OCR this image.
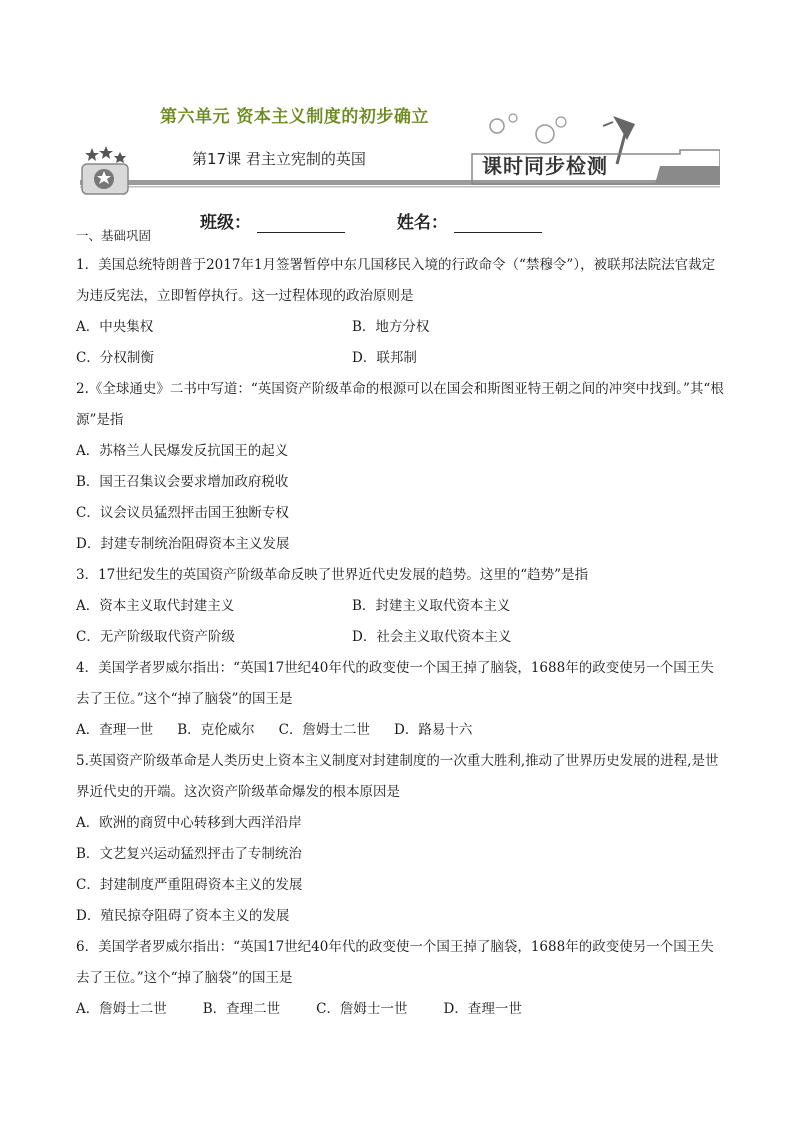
第六单元 资本主义制度的初步确立
第17课 君主立宪制的英国	课时同步检测
班级：	姓名：
一、基础巩固

1．美国总统特朗普于2017年1月签署暂停中东几国移民入境的行政命令（“禁穆令”），被联邦法院法官裁定为违反宪法，立即暂停执行。这一过程体现的政治原则是

A．中央集权	B．地方分权
C．分权制衡	D．联邦制

2.《全球通史》二书中写道：“英国资产阶级革命的根源可以在国会和斯图亚特王朝之间的冲突中找到。”其“根源”是指

A．苏格兰人民爆发反抗国王的起义
B．国王召集议会要求增加政府税收
C．议会议员猛烈抨击国王独断专权
D．封建专制统治阻碍资本主义发展

3．17世纪发生的英国资产阶级革命反映了世界近代史发展的趋势。这里的“趋势”是指

A．资本主义取代封建主义	B．封建主义取代资本主义
C．无产阶级取代资产阶级	D．社会主义取代资本主义

4．美国学者罗威尔指出：“英国17世纪40年代的政变使一个国王掉了脑袋，1688年的政变使另一个国王失去了王位。”这个“掉了脑袋”的国王是

A．查理一世 B．克伦威尔 C．詹姆士二世 D．路易十六

5.英国资产阶级革命是人类历史上资本主义制度对封建制度的一次重大胜利,推动了世界历史发展的进程,是世界近代史的开端。这次资产阶级革命爆发的根本原因是

A．欧洲的商贸中心转移到大西洋沿岸
B．文艺复兴运动猛烈抨击了专制统治
C．封建制度严重阻碍资本主义的发展
D．殖民掠夺阻碍了资本主义的发展

6．美国学者罗威尔指出：“英国17世纪40年代的政变使一个国王掉了脑袋，1688年的政变使另一个国王失去了王位。”这个“掉了脑袋”的国王是

A．詹姆士二世	B．查理二世	C．詹姆士一世	D．查理一世
